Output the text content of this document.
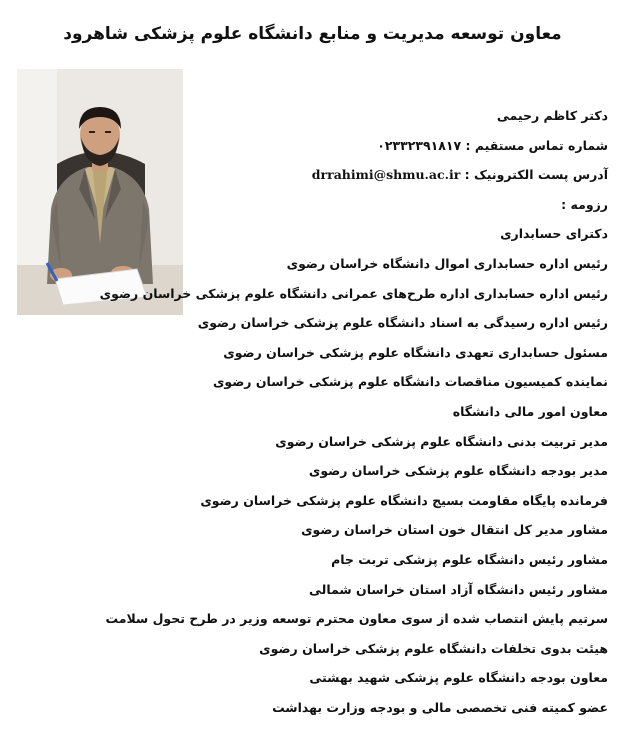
معاون توسعه مدیریت و منابع دانشگاه علوم پزشکی شاهرود
دکتر کاظم رحیمی
شماره تماس مستقیم : ۰۲۳۳۲۳۹۱۸۱۷
آدرس پست الکترونیک : drrahimi@shmu.ac.ir
رزومه :
دکترای حسابداری
رئیس اداره حسابداری اموال دانشگاه خراسان رضوی
رئیس اداره حسابداری اداره طرح‌های عمرانی دانشگاه علوم پزشکی خراسان رضوی
رئیس اداره رسیدگی به اسناد دانشگاه علوم پزشکی خراسان رضوی
مسئول حسابداری تعهدی دانشگاه علوم پزشکی خراسان رضوی
نماینده کمیسیون مناقصات دانشگاه علوم پزشکی خراسان رضوی
معاون امور مالی دانشگاه
مدیر تربیت بدنی دانشگاه علوم پزشکی خراسان رضوی
مدیر بودجه دانشگاه علوم پزشکی خراسان رضوی
فرمانده پایگاه مقاومت بسیج دانشگاه علوم پزشکی خراسان رضوی
مشاور مدیر کل انتقال خون استان خراسان رضوی
مشاور رئیس دانشگاه علوم پزشکی تربت جام
مشاور رئیس دانشگاه آزاد استان خراسان شمالی
سرتیم پایش انتصاب شده از سوی معاون محترم توسعه وزیر در طرح تحول سلامت
هیئت بدوی تخلفات دانشگاه علوم پزشکی خراسان رضوی
معاون بودجه دانشگاه علوم پزشکی شهید بهشتی
عضو کمیته فنی تخصصی مالی و بودجه وزارت بهداشت
